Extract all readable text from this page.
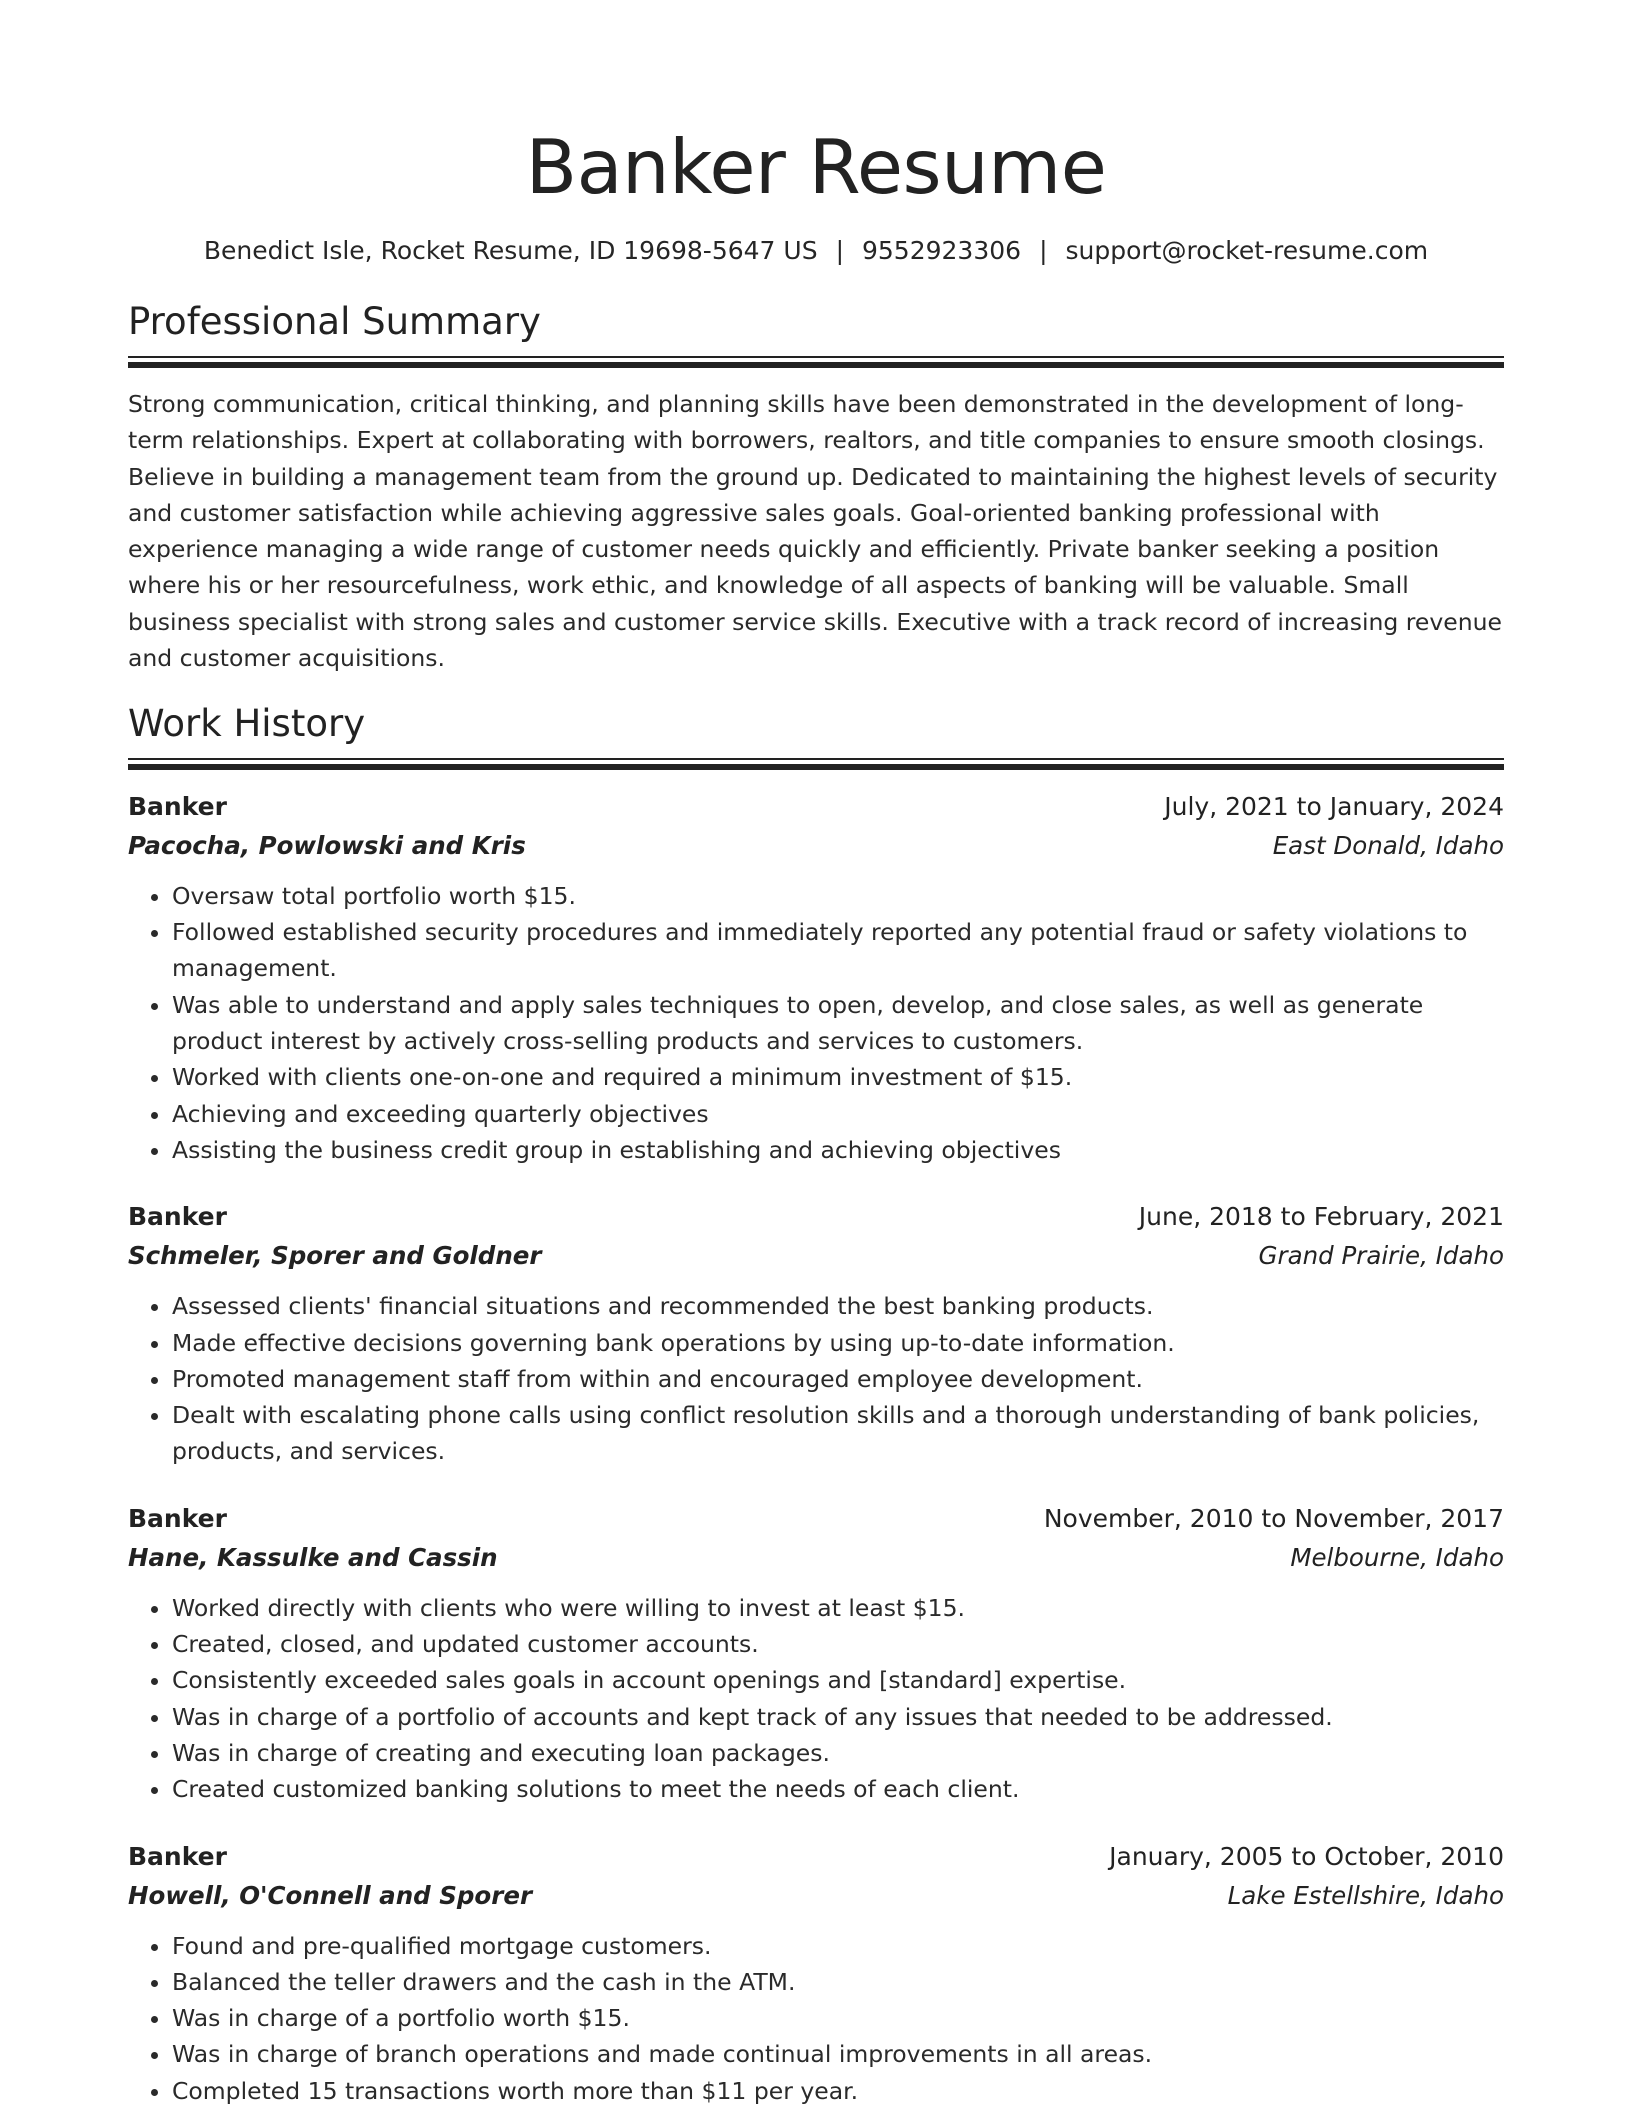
Banker Resume
Benedict Isle, Rocket Resume, ID 19698-5647 US | 9552923306 | support@rocket-resume.com
Professional Summary

Strong communication, critical thinking, and planning skills have been demonstrated in the development of long-term relationships. Expert at collaborating with borrowers, realtors, and title companies to ensure smooth closings. Believe in building a management team from the ground up. Dedicated to maintaining the highest levels of security and customer satisfaction while achieving aggressive sales goals. Goal-oriented banking professional with experience managing a wide range of customer needs quickly and efficiently. Private banker seeking a position where his or her resourcefulness, work ethic, and knowledge of all aspects of banking will be valuable. Small business specialist with strong sales and customer service skills. Executive with a track record of increasing revenue and customer acquisitions.

Work History
Banker	July, 2021 to January, 2024
Pacocha, Powlowski and Kris	East Donald, Idaho
• Oversaw total portfolio worth $15.
• Followed established security procedures and immediately reported any potential fraud or safety violations to management.
• Was able to understand and apply sales techniques to open, develop, and close sales, as well as generate product interest by actively cross-selling products and services to customers.
• Worked with clients one-on-one and required a minimum investment of $15.
• Achieving and exceeding quarterly objectives
• Assisting the business credit group in establishing and achieving objectives
Banker	June, 2018 to February, 2021
Schmeler, Sporer and Goldner	Grand Prairie, Idaho
• Assessed clients' financial situations and recommended the best banking products.
• Made effective decisions governing bank operations by using up-to-date information.
• Promoted management staff from within and encouraged employee development.
• Dealt with escalating phone calls using conflict resolution skills and a thorough understanding of bank policies, products, and services.
Banker	November, 2010 to November, 2017
Hane, Kassulke and Cassin	Melbourne, Idaho
• Worked directly with clients who were willing to invest at least $15.
• Created, closed, and updated customer accounts.
• Consistently exceeded sales goals in account openings and [standard] expertise.
• Was in charge of a portfolio of accounts and kept track of any issues that needed to be addressed.
• Was in charge of creating and executing loan packages.
• Created customized banking solutions to meet the needs of each client.
Banker	January, 2005 to October, 2010
Howell, O'Connell and Sporer	Lake Estellshire, Idaho
• Found and pre-qualified mortgage customers.
• Balanced the teller drawers and the cash in the ATM.
• Was in charge of a portfolio worth $15.
• Was in charge of branch operations and made continual improvements in all areas.
• Completed 15 transactions worth more than $11 per year.
